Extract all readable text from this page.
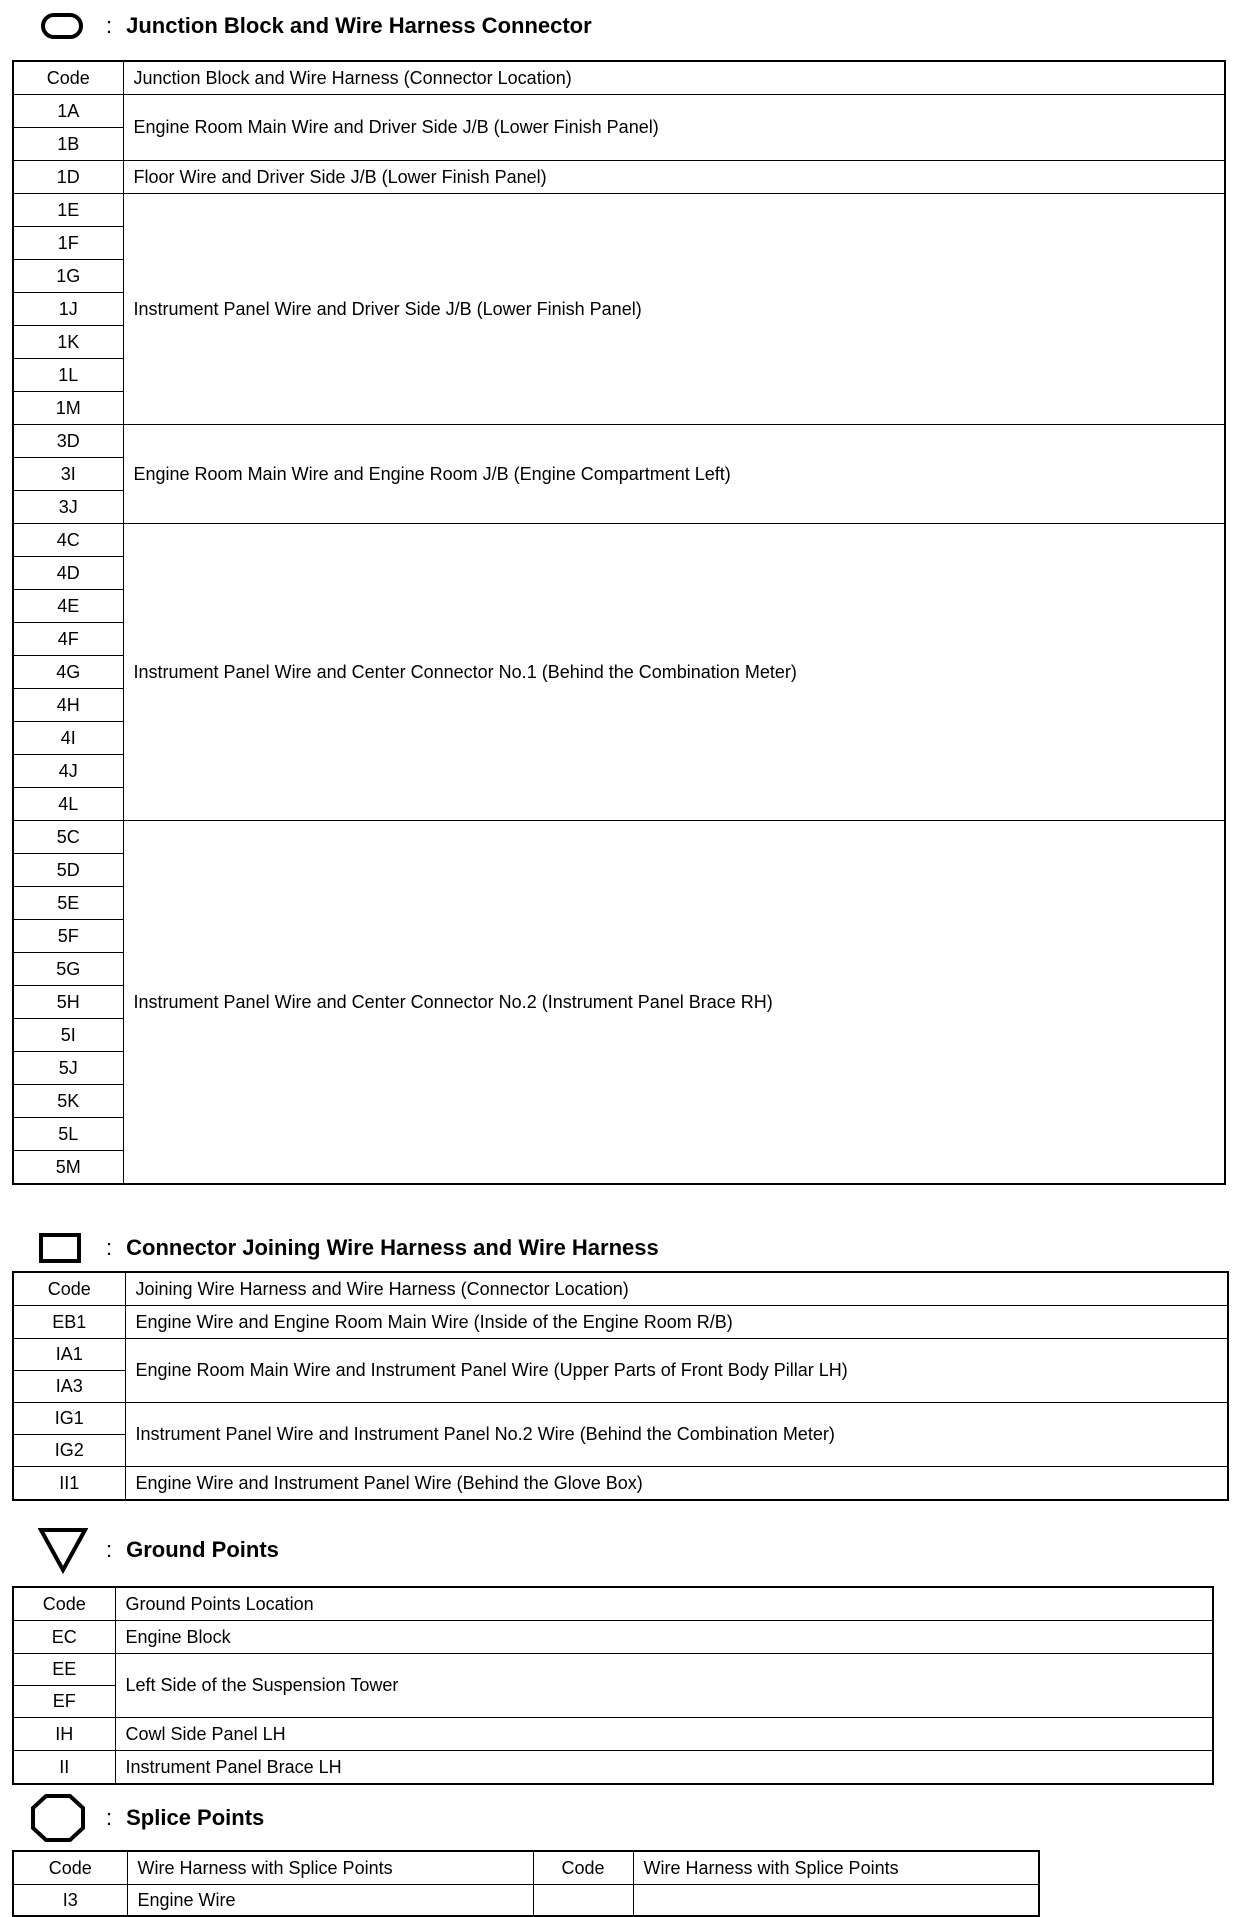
: Junction Block and Wire Harness Connector
Code	Junction Block and Wire Harness (Connector Location)
1A	Engine Room Main Wire and Driver Side J/B (Lower Finish Panel)
1B	
1D	Floor Wire and Driver Side J/B (Lower Finish Panel)
1E	Instrument Panel Wire and Driver Side J/B (Lower Finish Panel)
1F	
1G	
1J	
1K	
1L	
1M	
3D	Engine Room Main Wire and Engine Room J/B (Engine Compartment Left)
3I	
3J	
4C	Instrument Panel Wire and Center Connector No.1 (Behind the Combination Meter)
4D	
4E	
4F	
4G	
4H	
4I	
4J	
4L	
5C	Instrument Panel Wire and Center Connector No.2 (Instrument Panel Brace RH)
5D	
5E	
5F	
5G	
5H	
5I	
5J	
5K	
5L	
5M	
: Connector Joining Wire Harness and Wire Harness
Code	Joining Wire Harness and Wire Harness (Connector Location)
EB1	Engine Wire and Engine Room Main Wire (Inside of the Engine Room R/B)
IA1	Engine Room Main Wire and Instrument Panel Wire (Upper Parts of Front Body Pillar LH)
IA3	
IG1	Instrument Panel Wire and Instrument Panel No.2 Wire (Behind the Combination Meter)
IG2	
II1	Engine Wire and Instrument Panel Wire (Behind the Glove Box)
: Ground Points
Code	Ground Points Location
EC	Engine Block
EE	Left Side of the Suspension Tower
EF	
IH	Cowl Side Panel LH
II	Instrument Panel Brace LH
: Splice Points
Code	Wire Harness with Splice Points	Code	Wire Harness with Splice Points
I3	Engine Wire		
